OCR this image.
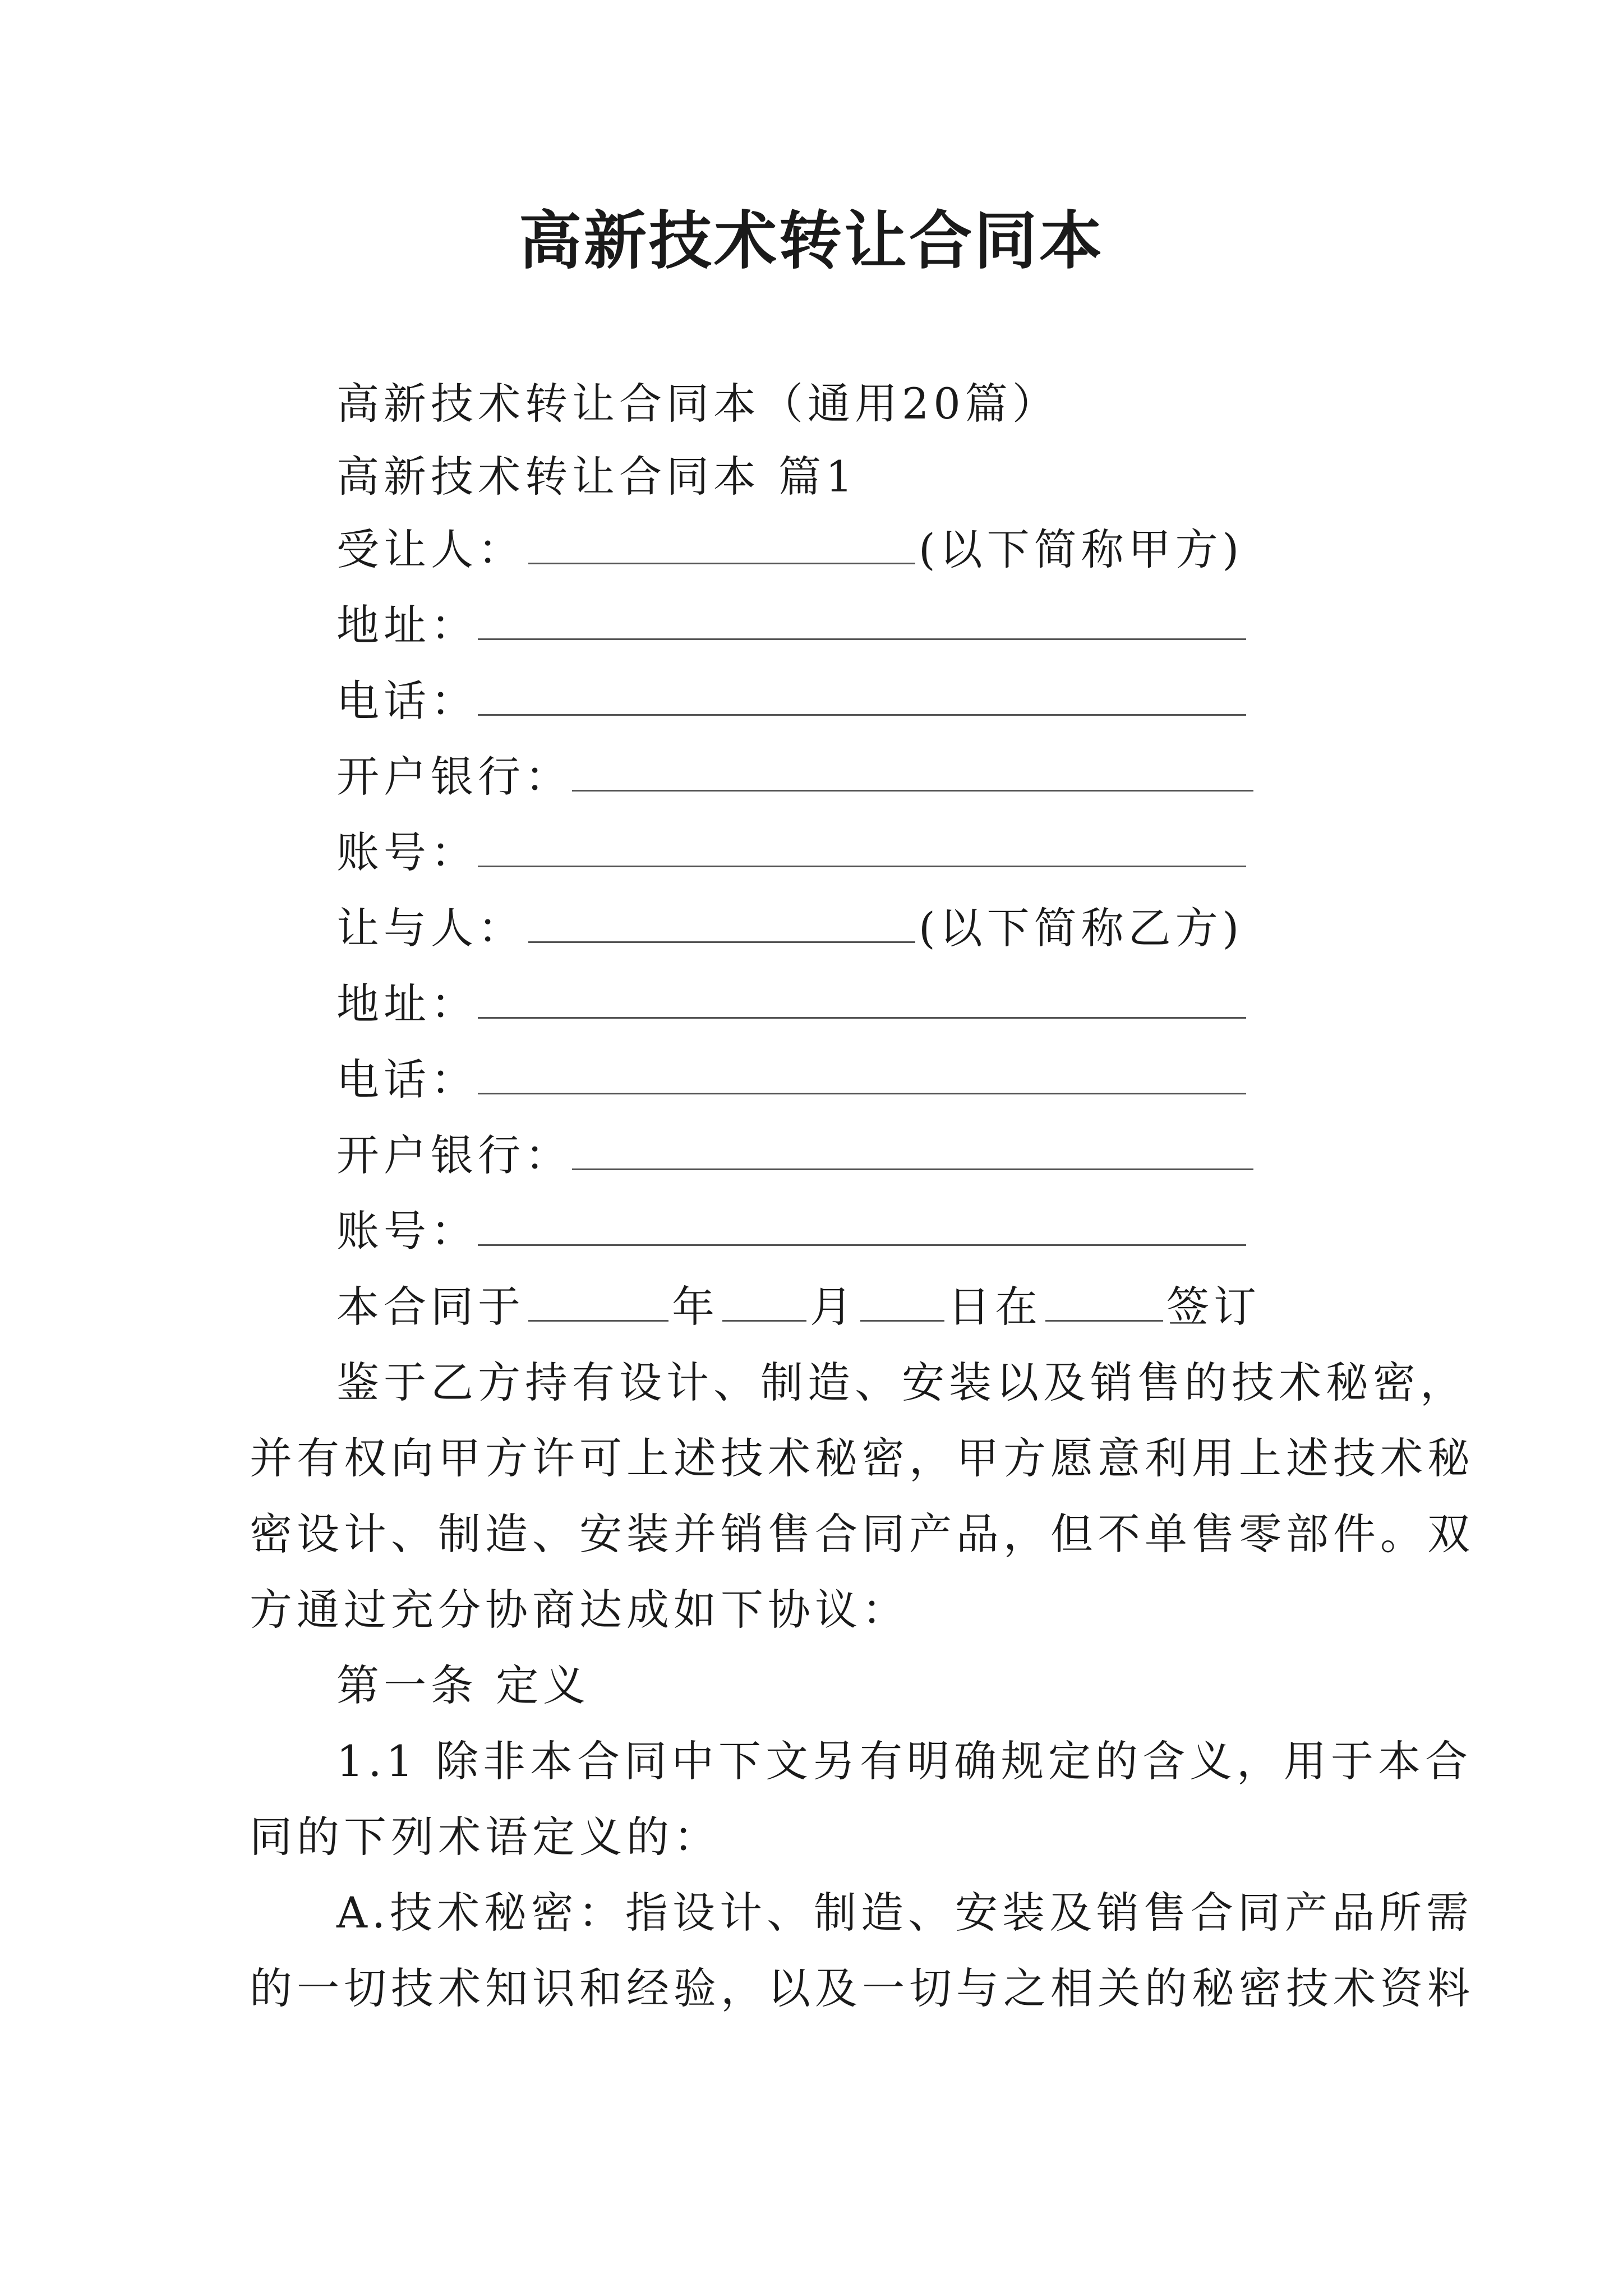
高新技术转让合同本
高新技术转让合同本（通用20篇）
高新技术转让合同本 篇1
受让人：	(以下简称甲方)
地址：
电话：
开户银行：
账号：
让与人：	(以下简称乙方)
地址：
电话：
开户银行：
账号：
本合同于	年 月 日在	签订
鉴于乙方持有设计、制造、安装以及销售的技术秘密，
并有权向甲方许可上述技术秘密，甲方愿意利用上述技术秘
密设计、制造、安装并销售合同产品，但不单售零部件。双
方通过充分协商达成如下协议：
第一条 定义
1.1 除非本合同中下文另有明确规定的含义，用于本合
同的下列术语定义的：
A.技术秘密：指设计、制造、安装及销售合同产品所需
的一切技术知识和经验，以及一切与之相关的秘密技术资料
